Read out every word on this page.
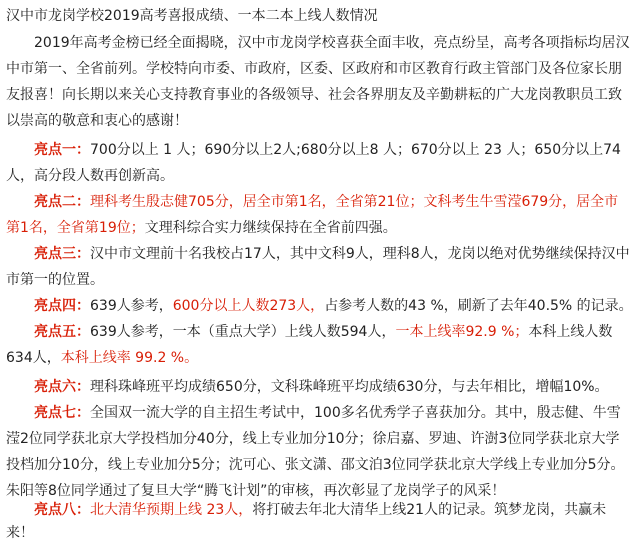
汉中市龙岗学校2019高考喜报成绩、一本二本上线人数情况
2019年高考金榜已经全面揭晓，汉中市龙岗学校喜获全面丰收，亮点纷呈，高考各项指标均居汉
中市第一、全省前列。学校特向市委、市政府，区委、区政府和市区教育行政主管部门及各位家长朋
友报喜！向长期以来关心支持教育事业的各级领导、社会各界朋友及辛勤耕耘的广大龙岗教职员工致
以崇高的敬意和衷心的感谢！
亮点一：700分以上 1 人；690分以上2人;680分以上8 人；670分以上 23 人；650分以上74
人，高分段人数再创新高。
亮点二：理科考生殷志健705分，居全市第1名，全省第21位；文科考生牛雪滢679分，居全市
第1名，全省第19位；文理科综合实力继续保持在全省前四强。
亮点三：汉中市文理前十名我校占17人，其中文科9人，理科8人，龙岗以绝对优势继续保持汉中
市第一的位置。
亮点四：639人参考，600分以上人数273人，占参考人数的43 %，刷新了去年40.5% 的记录。
亮点五：639人参考，一本（重点大学）上线人数594人，一本上线率92.9 %；本科上线人数
634人，本科上线率 99.2 %。
亮点六：理科珠峰班平均成绩650分，文科珠峰班平均成绩630分，与去年相比，增幅10%。
亮点七：全国双一流大学的自主招生考试中，100多名优秀学子喜获加分。其中，殷志健、牛雪
滢2位同学获北京大学投档加分40分，线上专业加分10分；徐启嘉、罗迪、许澍3位同学获北京大学
投档加分10分，线上专业加分5分；沈可心、张文潇、邵文泊3位同学获北京大学线上专业加分5分。
朱阳等8位同学通过了复旦大学“腾飞计划”的审核，再次彰显了龙岗学子的风采！
亮点八：北大清华预期上线 23人，将打破去年北大清华上线21人的记录。筑梦龙岗，共赢未
来！
